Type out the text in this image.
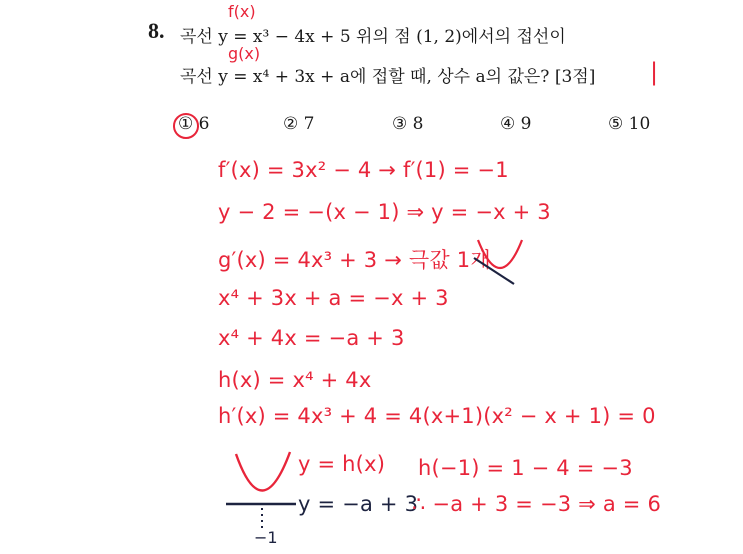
8. 곡선 y = x³ − 4x + 5 위의 점 (1, 2)에서의 접선이
곡선 y = x⁴ + 3x + a에 접할 때, 상수 a의 값은? [3점]
f(x)
g(x)
|
① 6	② 7	③ 8	④ 9	⑤ 10
f′(x) = 3x² − 4 → f′(1) = −1
y − 2 = −(x − 1) ⇒ y = −x + 3
g′(x) = 4x³ + 3 → 극값 1개
x⁴ + 3x + a = −x + 3
x⁴ + 4x = −a + 3
h(x) = x⁴ + 4x
h′(x) = 4x³ + 4 = 4(x+1)(x² − x + 1) = 0
y = h(x)
y = −a + 3
−1
h(−1) = 1 − 4 = −3
∴ −a + 3 = −3 ⇒ a = 6
